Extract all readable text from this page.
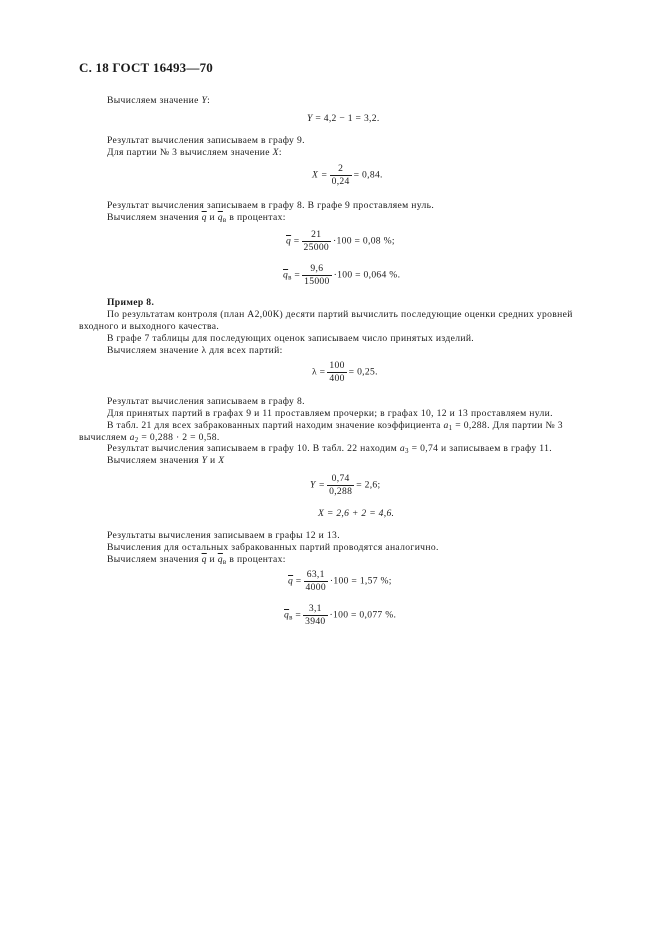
С. 18 ГОСТ 16493—70
Вычисляем значение Y:
Y = 4,2 − 1 = 3,2.
Результат вычисления записываем в графу 9.
Для партии № 3 вычисляем значение X:
$X = \frac{2}{0,24} = 0,84$.
Результат вычисления записываем в графу 8. В графе 9 проставляем нуль.
Вычисляем значения $\overline{q}$ и $\overline{q}_в$ в процентах:
$\overline{q} = \frac{21}{25000} \cdot 100 = 0,08$ %;
$\overline{q}_в = \frac{9,6}{15000} \cdot 100 = 0,064$ %.
Пример 8.
По результатам контроля (план А2,00К) десяти партий вычислить последующие оценки средних уровней
входного и выходного качества.
В графе 7 таблицы для последующих оценок записываем число принятых изделий.
Вычисляем значение λ для всех партий:
$\lambda = \frac{100}{400} = 0,25$.
Результат вычисления записываем в графу 8.
Для принятых партий в графах 9 и 11 проставляем прочерки; в графах 10, 12 и 13 проставляем нули.
В табл. 21 для всех забракованных партий находим значение коэффициента $a_1 = 0,288$. Для партии № 3
вычисляем $a_2 = 0,288 \cdot 2 = 0,58$.
Результат вычисления записываем в графу 10. В табл. 22 находим $a_3 = 0,74$ и записываем в графу 11.
Вычисляем значения Y и X
$Y = \frac{0,74}{0,288} = 2,6$;
X = 2,6 + 2 = 4,6.
Результаты вычисления записываем в графы 12 и 13.
Вычисления для остальных забракованных партий проводятся аналогично.
Вычисляем значения $\overline{q}$ и $\overline{q}_в$ в процентах:
$\overline{q} = \frac{63,1}{4000} \cdot 100 = 1,57$ %;
$\overline{q}_в = \frac{3,1}{3940} \cdot 100 = 0,077$ %.
